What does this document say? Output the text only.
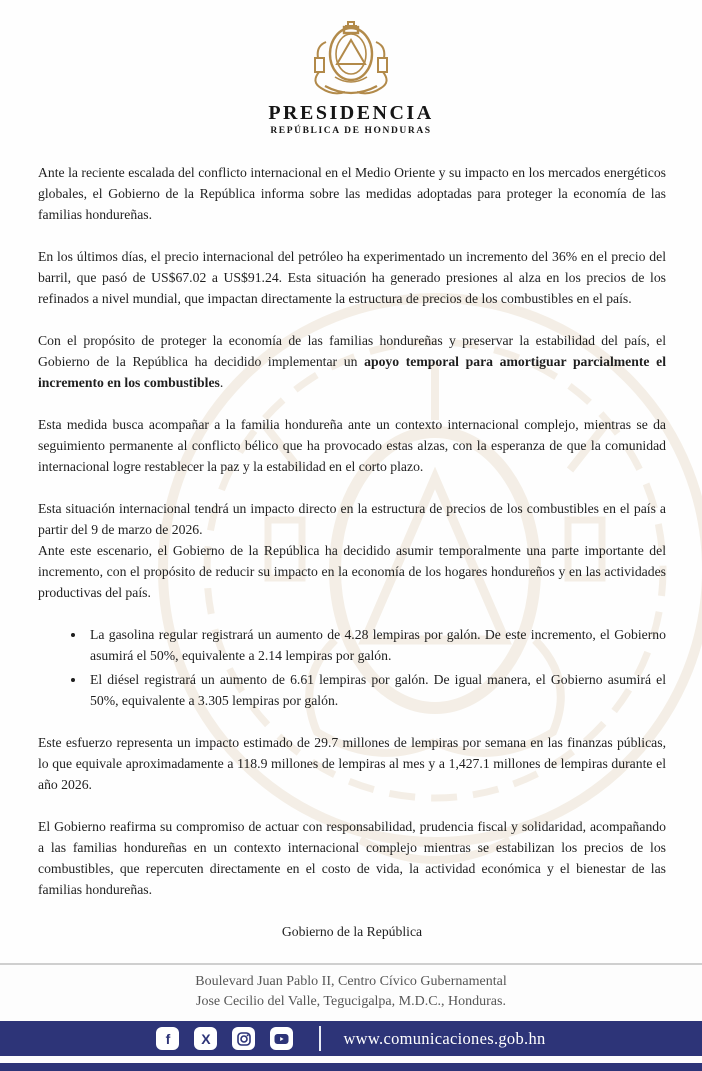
PRESIDENCIA
REPÚBLICA DE HONDURAS

Ante la reciente escalada del conflicto internacional en el Medio Oriente y su impacto en los mercados energéticos globales, el Gobierno de la República informa sobre las medidas adoptadas para proteger la economía de las familias hondureñas.

En los últimos días, el precio internacional del petróleo ha experimentado un incremento del 36% en el precio del barril, que pasó de US$67.02 a US$91.24. Esta situación ha generado presiones al alza en los precios de los refinados a nivel mundial, que impactan directamente la estructura de precios de los combustibles en el país.

Con el propósito de proteger la economía de las familias hondureñas y preservar la estabilidad del país, el Gobierno de la República ha decidido implementar un apoyo temporal para amortiguar parcialmente el incremento en los combustibles.

Esta medida busca acompañar a la familia hondureña ante un contexto internacional complejo, mientras se da seguimiento permanente al conflicto bélico que ha provocado estas alzas, con la esperanza de que la comunidad internacional logre restablecer la paz y la estabilidad en el corto plazo.

Esta situación internacional tendrá un impacto directo en la estructura de precios de los combustibles en el país a partir del 9 de marzo de 2026.

Ante este escenario, el Gobierno de la República ha decidido asumir temporalmente una parte importante del incremento, con el propósito de reducir su impacto en la economía de los hogares hondureños y en las actividades productivas del país.

• La gasolina regular registrará un aumento de 4.28 lempiras por galón. De este incremento, el Gobierno asumirá el 50%, equivalente a 2.14 lempiras por galón.
• El diésel registrará un aumento de 6.61 lempiras por galón. De igual manera, el Gobierno asumirá el 50%, equivalente a 3.305 lempiras por galón.

Este esfuerzo representa un impacto estimado de 29.7 millones de lempiras por semana en las finanzas públicas, lo que equivale aproximadamente a 118.9 millones de lempiras al mes y a 1,427.1 millones de lempiras durante el año 2026.

El Gobierno reafirma su compromiso de actuar con responsabilidad, prudencia fiscal y solidaridad, acompañando a las familias hondureñas en un contexto internacional complejo mientras se estabilizan los precios de los combustibles, que repercuten directamente en el costo de vida, la actividad económica y el bienestar de las familias hondureñas.

Gobierno de la República

Boulevard Juan Pablo II, Centro Cívico Gubernamental
Jose Cecilio del Valle, Tegucigalpa, M.D.C., Honduras.
f	X	www.comunicaciones.gob.hn
